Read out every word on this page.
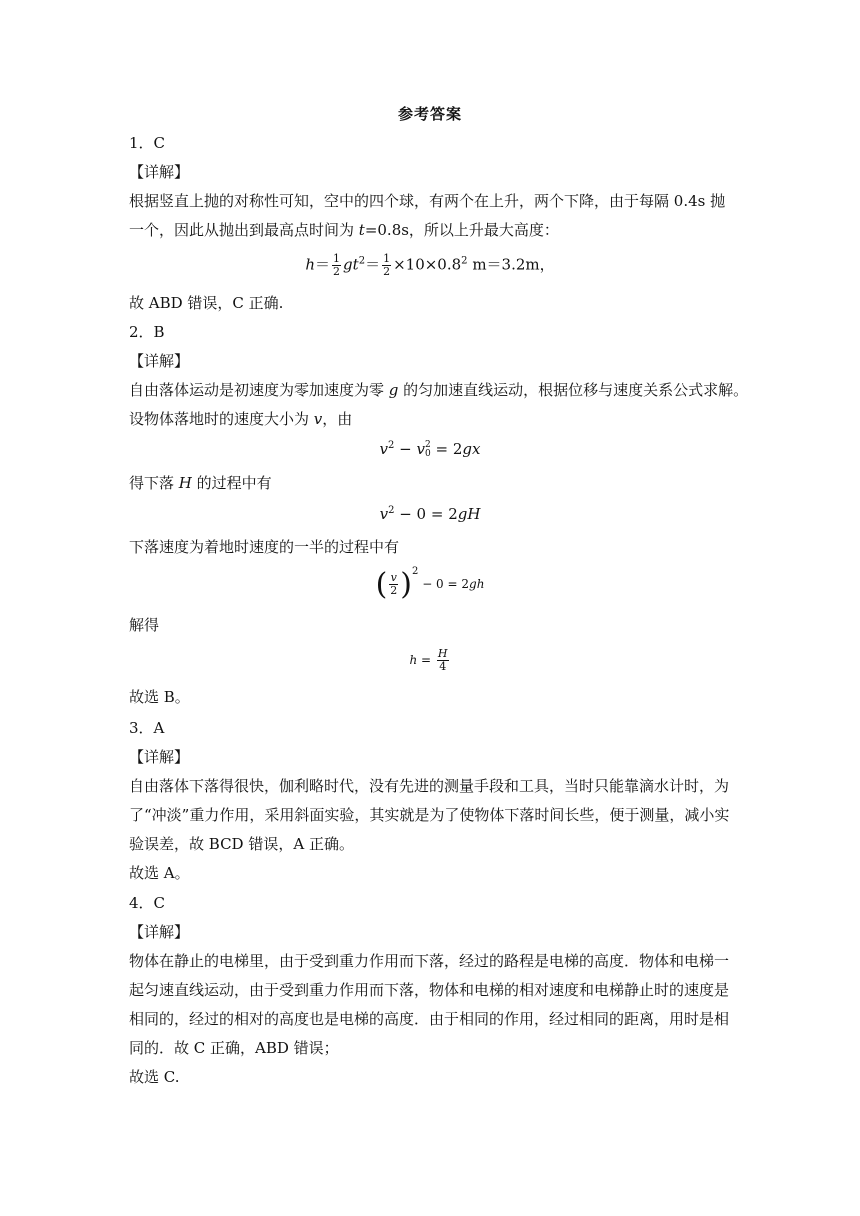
参考答案
1．C
【详解】
根据竖直上抛的对称性可知，空中的四个球，有两个在上升，两个下降，由于每隔 0.4s 抛
一个，因此从抛出到最高点时间为 t=0.8s，所以上升最大高度：
$h= \frac{1}{2} gt^2= \frac{1}{2} \times 10\times 0.8^2$ m＝3.2m，
故 ABD 错误，C 正确.
2．B
【详解】
自由落体运动是初速度为零加速度为零 g 的匀加速直线运动，根据位移与速度关系公式求解。
设物体落地时的速度大小为 v，由
$v^2 - v$ 2
0 = 2gx
得下落 H 的过程中有
$v^2 - 0 = 2gH$
下落速度为着地时速度的一半的过程中有
( $\frac{v}{2} )^2 - 0 = 2gh$
解得
$h = \frac{H}{4}$
故选 B。
3．A
【详解】
自由落体下落得很快，伽利略时代，没有先进的测量手段和工具，当时只能靠滴水计时，为
了“冲淡”重力作用，采用斜面实验，其实就是为了使物体下落时间长些，便于测量，减小实
验误差，故 BCD 错误，A 正确。
故选 A。
4．C
【详解】
物体在静止的电梯里，由于受到重力作用而下落，经过的路程是电梯的高度．物体和电梯一
起匀速直线运动，由于受到重力作用而下落，物体和电梯的相对速度和电梯静止时的速度是
相同的，经过的相对的高度也是电梯的高度．由于相同的作用，经过相同的距离，用时是相
同的．故 C 正确，ABD 错误；
故选 C.
